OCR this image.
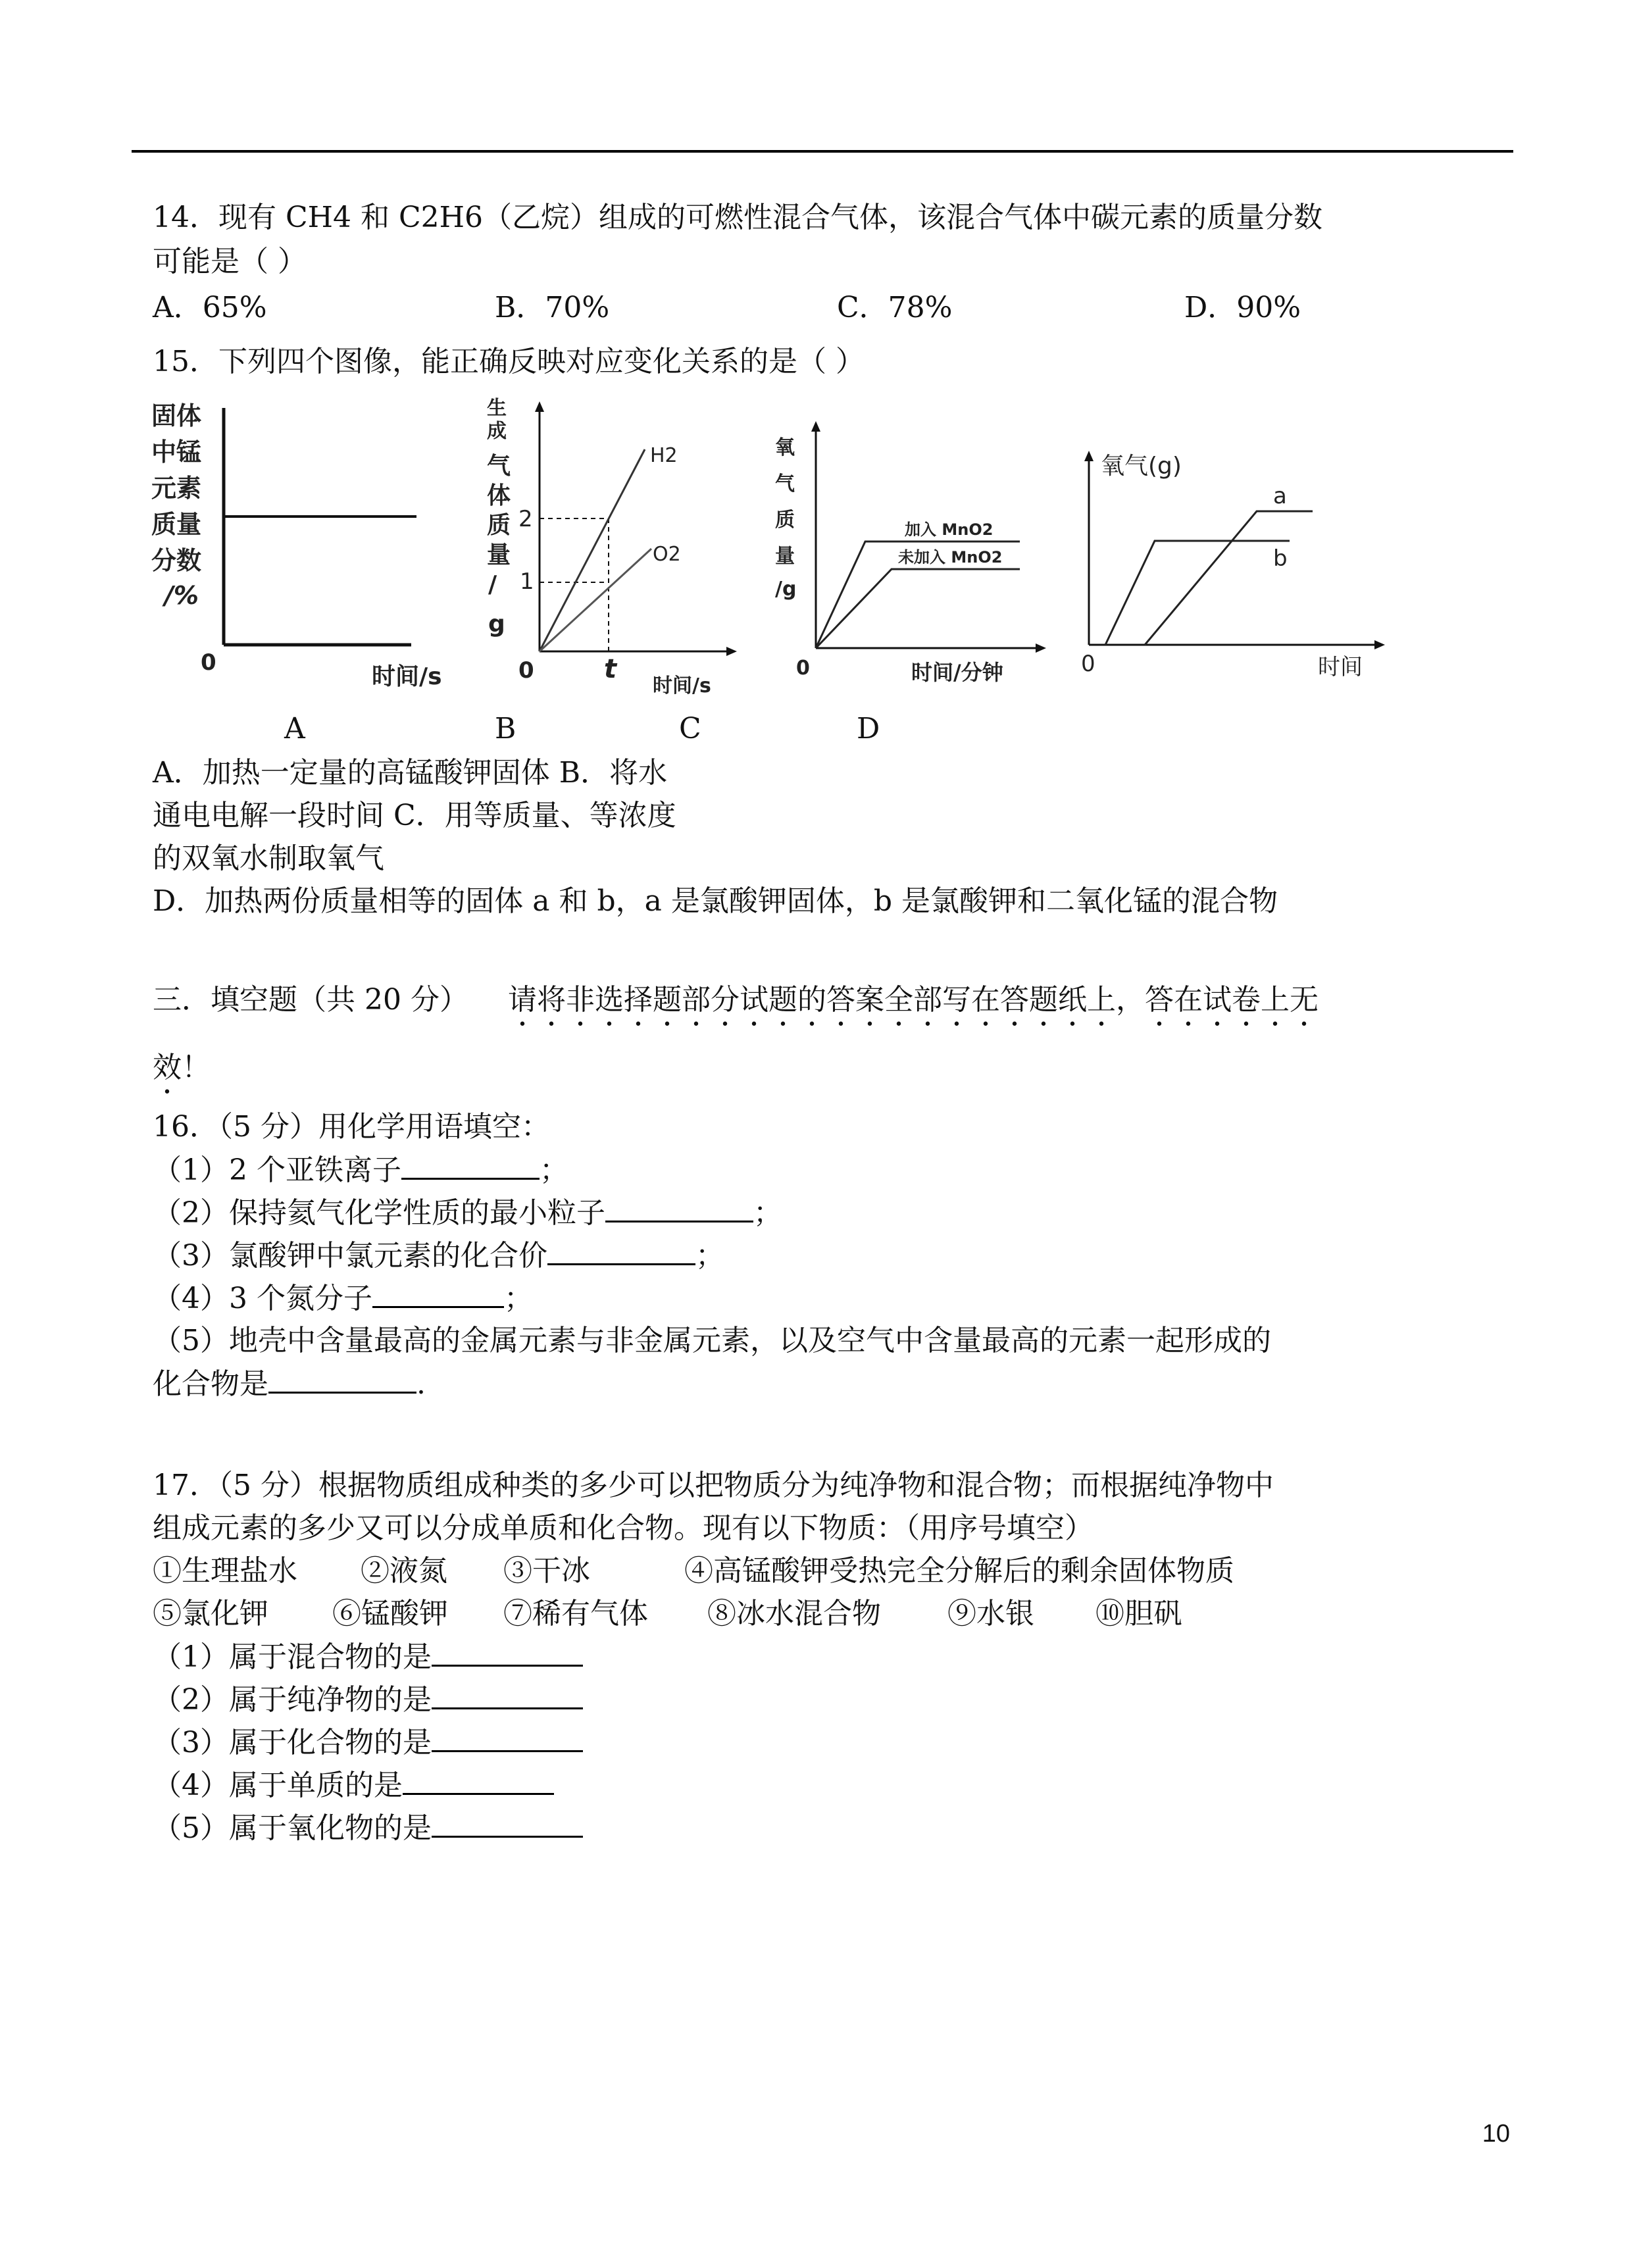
14．现有 CH4 和 C2H6（乙烷）组成的可燃性混合气体，该混合气体中碳元素的质量分数
可能是（ ）
A．65%	B．70%	C．78%	D．90%
15．下列四个图像，能正确反映对应变化关系的是（ ）
固体
中锰
元素
质量
分数
/%
0
时间/s
生
成
气
体
质
量
/
g
2
1
H2
O2
0	t
时间/s
氧
气
质
量
/g
加入 MnO2
未加入 MnO2
0	时间/分钟
氧气(g)
a
b
0	时间
A	B	C	D
A．加热一定量的高锰酸钾固体 B．将水
通电电解一段时间 C．用等质量、等浓度
的双氧水制取氧气
D．加热两份质量相等的固体 a 和 b，a 是氯酸钾固体，b 是氯酸钾和二氧化锰的混合物
三．填空题（共 20 分） 请将非选择题部分试题的答案全部写在答题纸上，答在试卷上无
效！
16．（5 分）用化学用语填空：
（1）2 个亚铁离子	；
（2）保持氦气化学性质的最小粒子	；
（3）氯酸钾中氯元素的化合价	；
（4）3 个氮分子	；
（5）地壳中含量最高的金属元素与非金属元素，以及空气中含量最高的元素一起形成的
化合物是	.
17．（5 分）根据物质组成种类的多少可以把物质分为纯净物和混合物；而根据纯净物中
组成元素的多少又可以分成单质和化合物。现有以下物质：（用序号填空）
①生理盐水 ②液氮 ③干冰	④高锰酸钾受热完全分解后的剩余固体物质
⑤氯化钾 ⑥锰酸钾 ⑦稀有气体 ⑧冰水混合物 ⑨水银 ⑩胆矾
（1）属于混合物的是
（2）属于纯净物的是
（3）属于化合物的是
（4）属于单质的是
（5）属于氧化物的是
10
